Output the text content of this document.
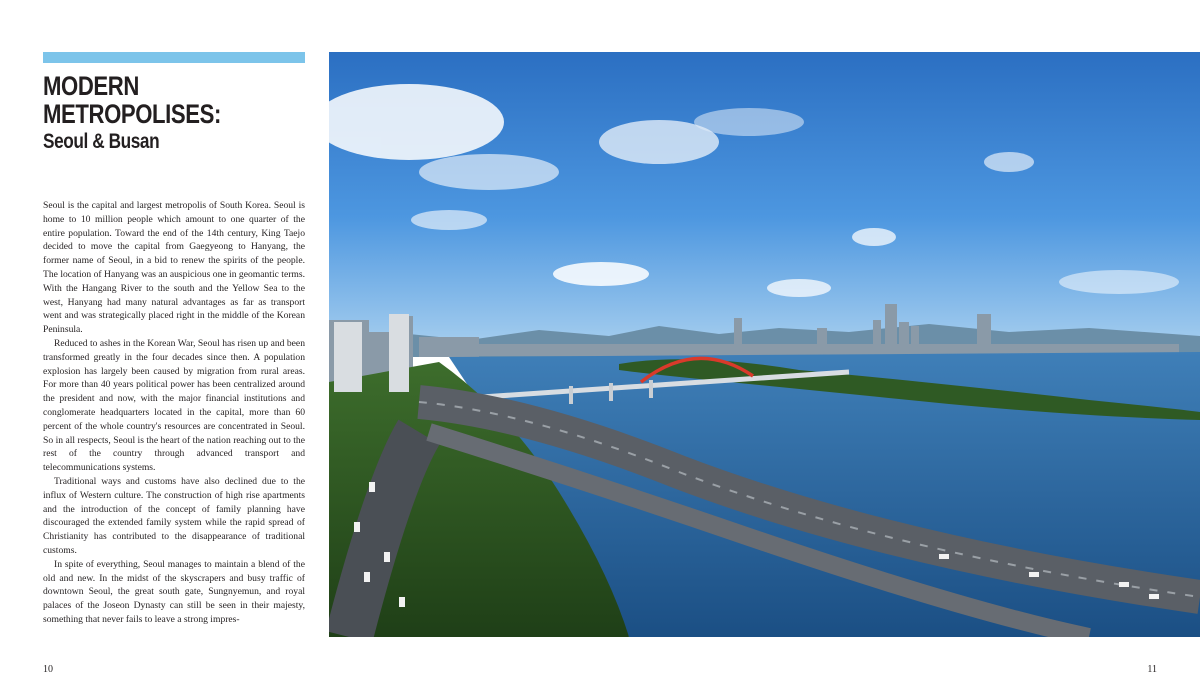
MODERN
METROPOLISES:
Seoul & Busan

Seoul is the capital and largest metropolis of South Korea. Seoul is home to 10 million people which amount to one quarter of the entire population. Toward the end of the 14th century, King Taejo decided to move the capital from Gaegyeong to Hanyang, the former name of Seoul, in a bid to renew the spirits of the people. The location of Hanyang was an auspicious one in geomantic terms. With the Hangang River to the south and the Yellow Sea to the west, Hanyang had many natural advantages as far as transport went and was strategically placed right in the middle of the Korean Peninsula.

Reduced to ashes in the Korean War, Seoul has risen up and been transformed greatly in the four decades since then. A population explosion has largely been caused by migration from rural areas. For more than 40 years political power has been centralized around the president and now, with the major financial institutions and conglomerate headquarters located in the capital, more than 60 percent of the whole country's resources are concentrated in Seoul. So in all respects, Seoul is the heart of the nation reaching out to the rest of the country through advanced transport and telecommunications systems.

Traditional ways and customs have also declined due to the influx of Western culture. The construction of high rise apartments and the introduction of the concept of family planning have discouraged the extended family system while the rapid spread of Christianity has contributed to the disappearance of traditional customs.

In spite of everything, Seoul manages to maintain a blend of the old and new. In the midst of the skyscrapers and busy traffic of downtown Seoul, the great south gate, Sungnyemun, and royal palaces of the Joseon Dynasty can still be seen in their majesty, something that never fails to leave a strong impres-

10	11
